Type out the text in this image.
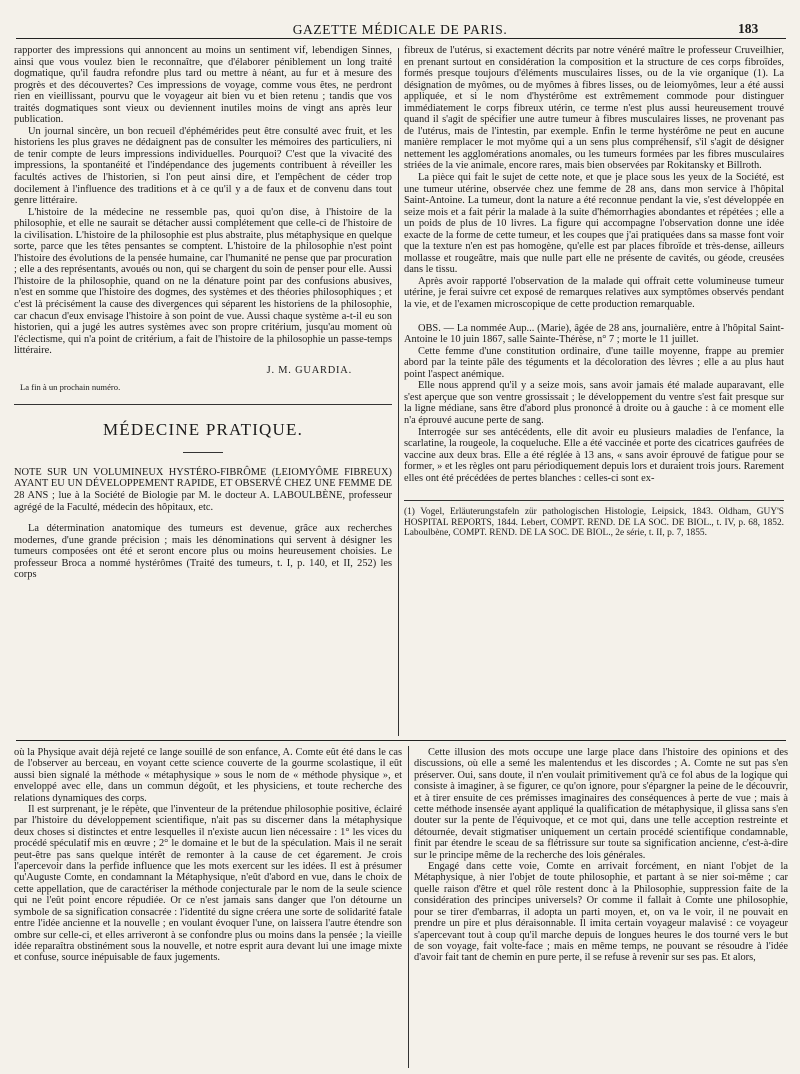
GAZETTE MÉDICALE DE PARIS.	183

rapporter des impressions qui annoncent au moins un sentiment vif, lebendigen Sinnes, ainsi que vous voulez bien le reconnaître, que d'élaborer péniblement un long traité dogmatique, qu'il faudra refondre plus tard ou mettre à néant, au fur et à mesure des progrès et des découvertes? Ces impressions de voyage, comme vous êtes, ne perdront rien en vieillissant, pourvu que le voyageur ait bien vu et bien retenu ; tandis que vos traités dogmatiques sont vieux ou deviennent inutiles moins de vingt ans après leur publication.

Un journal sincère, un bon recueil d'éphémérides peut être consulté avec fruit, et les historiens les plus graves ne dédaignent pas de consulter les mémoires des particuliers, ni de tenir compte de leurs impressions individuelles. Pourquoi? C'est que la vivacité des impressions, la spontanéité et l'indépendance des jugements contribuent à réveiller les facultés actives de l'historien, si l'on peut ainsi dire, et l'empêchent de céder trop docilement à l'influence des traditions et à ce qu'il y a de faux et de convenu dans tout genre littéraire.

L'histoire de la médecine ne ressemble pas, quoi qu'on dise, à l'histoire de la philosophie, et elle ne saurait se détacher aussi complétement que celle-ci de l'histoire de la civilisation. L'histoire de la philosophie est plus abstraite, plus métaphysique en quelque sorte, parce que les têtes pensantes se comptent. L'histoire de la philosophie n'est point l'histoire des évolutions de la pensée humaine, car l'humanité ne pense que par procuration ; elle a des représentants, avoués ou non, qui se chargent du soin de penser pour elle. Aussi l'histoire de la philosophie, quand on ne la dénature point par des confusions abusives, n'est en somme que l'histoire des dogmes, des systèmes et des théories philosophiques ; et c'est là précisément la cause des divergences qui séparent les historiens de la philosophie, car chacun d'eux envisage l'histoire à son point de vue. Aussi chaque système a-t-il eu son historien, qui a jugé les autres systèmes avec son propre critérium, jusqu'au moment où l'éclectisme, qui n'a point de critérium, a fait de l'histoire de la philosophie un passe-temps littéraire.

J. M. GUARDIA.

La fin à un prochain numéro.

MÉDECINE PRATIQUE.

NOTE SUR UN VOLUMINEUX HYSTÉRO-FIBRÔME (LEIOMYÔME FIBREUX) AYANT EU UN DÉVELOPPEMENT RAPIDE, ET OBSERVÉ CHEZ UNE FEMME DE 28 ANS ; lue à la Société de Biologie par M. le docteur A. LABOULBÈNE, professeur agrégé de la Faculté, médecin des hôpitaux, etc.

La détermination anatomique des tumeurs est devenue, grâce aux recherches modernes, d'une grande précision ; mais les dénominations qui servent à désigner les tumeurs composées ont été et seront encore plus ou moins heureusement choisies. Le professeur Broca a nommé hystérômes (Traité des tumeurs, t. I, p. 140, et II, 252) les corps

fibreux de l'utérus, si exactement décrits par notre vénéré maître le professeur Cruveilhier, en prenant surtout en considération la composition et la structure de ces corps fibroïdes, formés presque toujours d'éléments musculaires lisses, ou de la vie organique (1). La désignation de myômes, ou de myômes à fibres lisses, ou de leiomyômes, leur a été aussi appliquée, et si le nom d'hystérôme est extrêmement commode pour distinguer immédiatement le corps fibreux utérin, ce terme n'est plus aussi heureusement trouvé quand il s'agit de spécifier une autre tumeur à fibres musculaires lisses, ne provenant pas de l'utérus, mais de l'intestin, par exemple. Enfin le terme hystérôme ne peut en aucune manière remplacer le mot myôme qui a un sens plus compréhensif, s'il s'agit de désigner nettement les agglomérations anomales, ou les tumeurs formées par les fibres musculaires striées de la vie animale, encore rares, mais bien observées par Rokitansky et Billroth.

La pièce qui fait le sujet de cette note, et que je place sous les yeux de la Société, est une tumeur utérine, observée chez une femme de 28 ans, dans mon service à l'hôpital Saint-Antoine. La tumeur, dont la nature a été reconnue pendant la vie, s'est développée en seize mois et a fait périr la malade à la suite d'hémorrhagies abondantes et répétées ; elle a un poids de plus de 10 livres. La figure qui accompagne l'observation donne une idée exacte de la forme de cette tumeur, et les coupes que j'ai pratiquées dans sa masse font voir que la texture n'en est pas homogène, qu'elle est par places fibroïde et très-dense, ailleurs mollasse et rougeâtre, mais que nulle part elle ne présente de cavités, ou géode, creusées dans le tissu.

Après avoir rapporté l'observation de la malade qui offrait cette volumineuse tumeur utérine, je ferai suivre cet exposé de remarques relatives aux symptômes observés pendant la vie, et de l'examen microscopique de cette production remarquable.

OBS. — La nommée Aup... (Marie), âgée de 28 ans, journalière, entre à l'hôpital Saint-Antoine le 10 juin 1867, salle Sainte-Thérèse, n° 7 ; morte le 11 juillet.

Cette femme d'une constitution ordinaire, d'une taille moyenne, frappe au premier abord par la teinte pâle des téguments et la décoloration des lèvres ; elle a au plus haut point l'aspect anémique.

Elle nous apprend qu'il y a seize mois, sans avoir jamais été malade auparavant, elle s'est aperçue que son ventre grossissait ; le développement du ventre s'est fait presque sur la ligne médiane, sans être d'abord plus prononcé à droite ou à gauche : à ce moment elle n'a éprouvé aucune perte de sang.

Interrogée sur ses antécédents, elle dit avoir eu plusieurs maladies de l'enfance, la scarlatine, la rougeole, la coqueluche. Elle a été vaccinée et porte des cicatrices gaufrées de vaccine aux deux bras. Elle a été réglée à 13 ans, « sans avoir éprouvé de fatigue pour se former, » et les règles ont paru périodiquement depuis lors et duraient trois jours. Rarement elles ont été précédées de pertes blanches : celles-ci sont ex-

(1) Vogel, Erläuterungstafeln zür pathologischen Histologie, Leipsick, 1843. Oldham, GUY'S HOSPITAL REPORTS, 1844. Lebert, COMPT. REND. DE LA SOC. DE BIOL., t. IV, p. 68, 1852. Laboulbène, COMPT. REND. DE LA SOC. DE BIOL., 2e série, t. II, p. 7, 1855.

où la Physique avait déjà rejeté ce lange souillé de son enfance, A. Comte eût été dans le cas de l'observer au berceau, en voyant cette science couverte de la gourme scolastique, il eût aussi bien signalé la méthode « métaphysique » sous le nom de « méthode physique », et enveloppé avec elle, dans un commun dégoût, et les physiciens, et toute recherche des relations dynamiques des corps.

Il est surprenant, je le répète, que l'inventeur de la prétendue philosophie positive, éclairé par l'histoire du développement scientifique, n'ait pas su discerner dans la métaphysique deux choses si distinctes et entre lesquelles il n'existe aucun lien nécessaire : 1° les vices du procédé spéculatif mis en œuvre ; 2° le domaine et le but de la spéculation. Mais il ne serait peut-être pas sans quelque intérêt de remonter à la cause de cet égarement. Je crois l'apercevoir dans la perfide influence que les mots exercent sur les idées. Il est à présumer qu'Auguste Comte, en condamnant la Métaphysique, n'eût d'abord en vue, dans le choix de cette appellation, que de caractériser la méthode conjecturale par le nom de la seule science qui ne l'eût point encore répudiée. Or ce n'est jamais sans danger que l'on détourne un symbole de sa signification consacrée : l'identité du signe créera une sorte de solidarité fatale entre l'idée ancienne et la nouvelle ; en voulant évoquer l'une, on laissera l'autre étendre son ombre sur celle-ci, et elles arriveront à se confondre plus ou moins dans la pensée ; la vieille idée reparaîtra obstinément sous la nouvelle, et notre esprit aura devant lui une image mixte et confuse, source inépuisable de faux jugements.

Cette illusion des mots occupe une large place dans l'histoire des opinions et des discussions, où elle a semé les malentendus et les discordes ; A. Comte ne sut pas s'en préserver. Oui, sans doute, il n'en voulait primitivement qu'à ce fol abus de la logique qui consiste à imaginer, à se figurer, ce qu'on ignore, pour s'épargner la peine de le découvrir, et à tirer ensuite de ces prémisses imaginaires des conséquences à perte de vue ; mais à cette méthode insensée ayant appliqué la qualification de métaphysique, il glissa sans s'en douter sur la pente de l'équivoque, et ce mot qui, dans une telle acception restreinte et détournée, devait stigmatiser uniquement un certain procédé scientifique condamnable, finit par étendre le sceau de sa flétrissure sur toute sa signification ancienne, c'est-à-dire sur le principe même de la recherche des lois générales.

Engagé dans cette voie, Comte en arrivait forcément, en niant l'objet de la Métaphysique, à nier l'objet de toute philosophie, et partant à se nier soi-même ; car quelle raison d'être et quel rôle restent donc à la Philosophie, suppression faite de la considération des principes universels? Or comme il fallait à Comte une philosophie, pour se tirer d'embarras, il adopta un parti moyen, et, on va le voir, il ne pouvait en prendre un pire et plus déraisonnable. Il imita certain voyageur malavisé : ce voyageur s'apercevant tout à coup qu'il marche depuis de longues heures le dos tourné vers le but de son voyage, fait volte-face ; mais en même temps, ne pouvant se résoudre à l'idée d'avoir fait tant de chemin en pure perte, il se refuse à revenir sur ses pas. Et alors,
